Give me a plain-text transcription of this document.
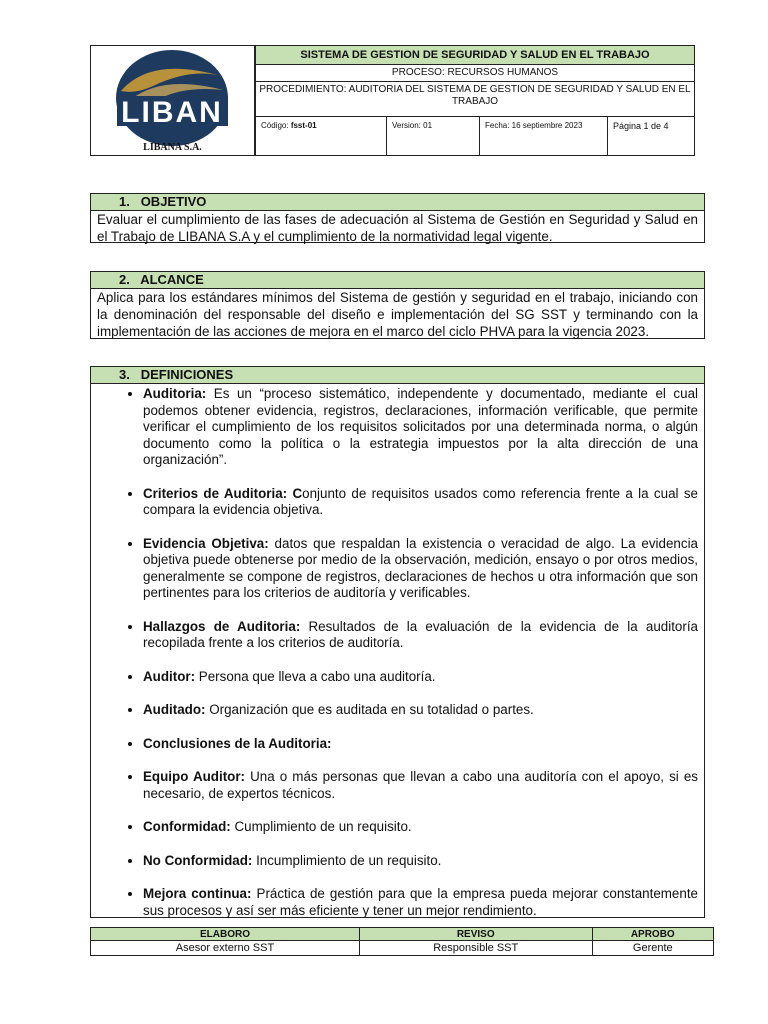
LIBAN
LIBANA S.A.
SISTEMA DE GESTION DE SEGURIDAD Y SALUD EN EL TRABAJO
PROCESO: RECURSOS HUMANOS
PROCEDIMIENTO: AUDITORIA DEL SISTEMA DE GESTION DE SEGURIDAD Y SALUD EN EL TRABAJO
Código: fsst-01	Version: 01	Fecha: 16 septiembre 2023	Página 1 de 4
1. OBJETIVO
Evaluar el cumplimiento de las fases de adecuación al Sistema de Gestión en Seguridad y Salud en el Trabajo de LIBANA S.A y el cumplimiento de la normatividad legal vigente.
2. ALCANCE
Aplica para los estándares mínimos del Sistema de gestión y seguridad en el trabajo, iniciando con la denominación del responsable del diseño e implementación del SG SST y terminando con la implementación de las acciones de mejora en el marco del ciclo PHVA para la vigencia 2023.
3. DEFINICIONES
• Auditoria: Es un “proceso sistemático, independente y documentado, mediante el cual podemos obtener evidencia, registros, declaraciones, información verificable, que permite verificar el cumplimiento de los requisitos solicitados por una determinada norma, o algún documento como la política o la estrategia impuestos por la alta dirección de una organización”.
• Criterios de Auditoria: Conjunto de requisitos usados como referencia frente a la cual se compara la evidencia objetiva.
• Evidencia Objetiva: datos que respaldan la existencia o veracidad de algo. La evidencia objetiva puede obtenerse por medio de la observación, medición, ensayo o por otros medios, generalmente se compone de registros, declaraciones de hechos u otra información que son pertinentes para los criterios de auditoría y verificables.
• Hallazgos de Auditoria: Resultados de la evaluación de la evidencia de la auditoría recopilada frente a los criterios de auditoría.
• Auditor: Persona que lleva a cabo una auditoría.
• Auditado: Organización que es auditada en su totalidad o partes.
• Conclusiones de la Auditoria:
• Equipo Auditor: Una o más personas que llevan a cabo una auditoría con el apoyo, si es necesario, de expertos técnicos.
• Conformidad: Cumplimiento de un requisito.
• No Conformidad: Incumplimiento de un requisito.
• Mejora continua: Práctica de gestión para que la empresa pueda mejorar constantemente sus procesos y así ser más eficiente y tener un mejor rendimiento.
ELABORO	REVISO	APROBO
Asesor externo SST	Responsible SST	Gerente
